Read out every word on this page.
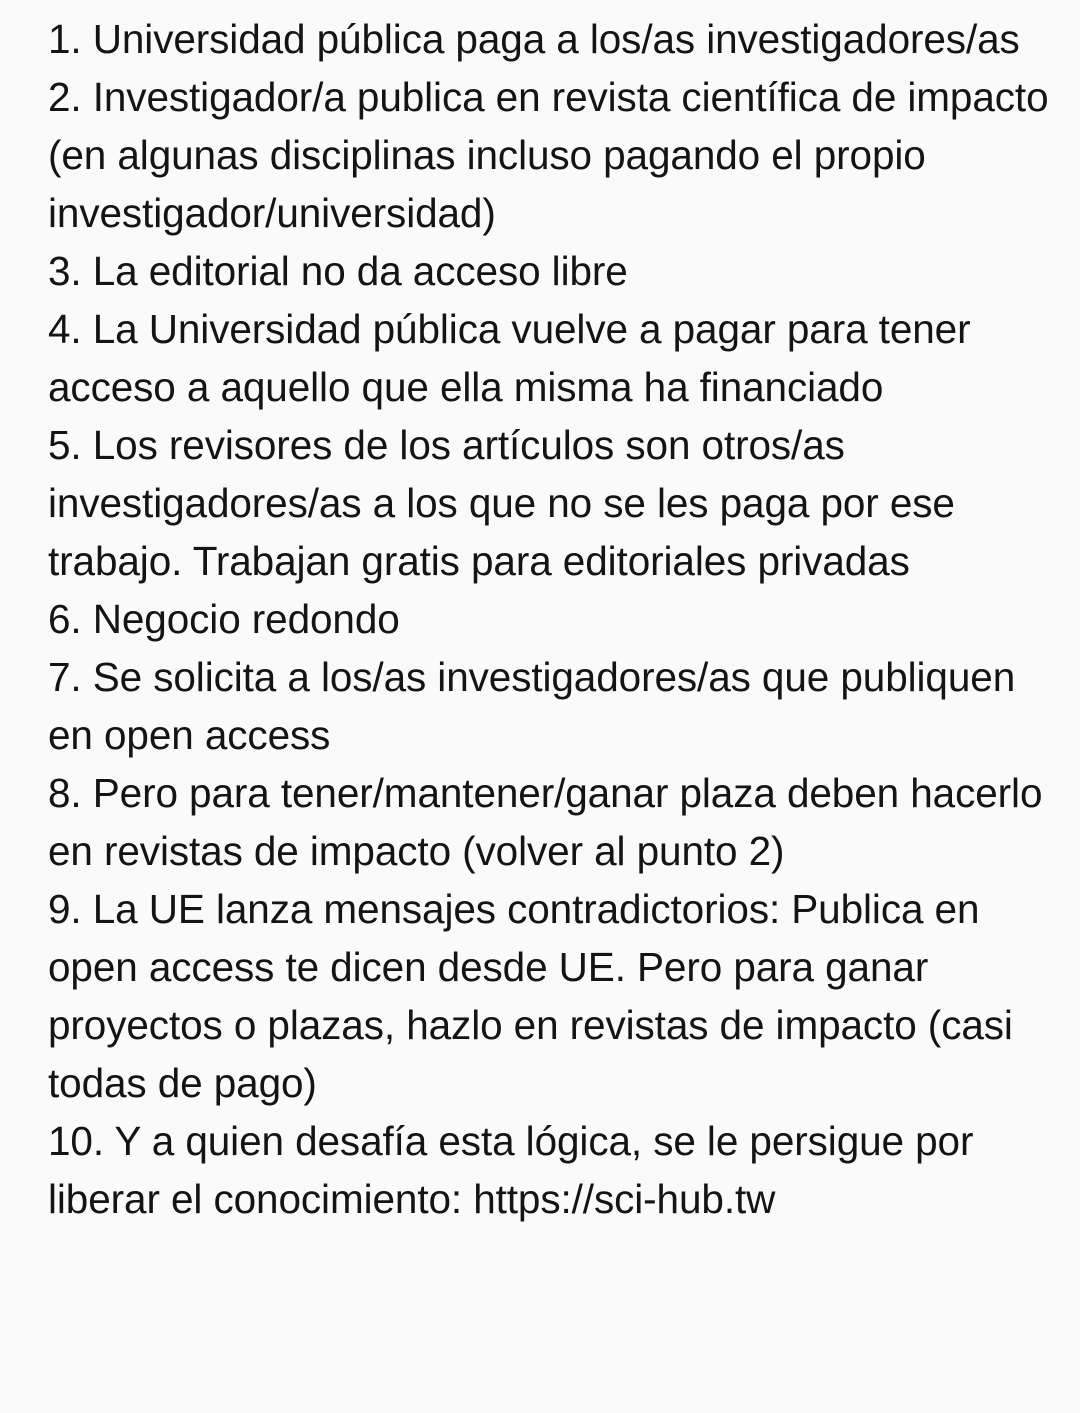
1. Universidad pública paga a los/as investigadores/as

2. Investigador/a publica en revista científica de impacto (en algunas disciplinas incluso pagando el propio investigador/universidad)

3. La editorial no da acceso libre

4. La Universidad pública vuelve a pagar para tener acceso a aquello que ella misma ha financiado

5. Los revisores de los artículos son otros/as investigadores/as a los que no se les paga por ese trabajo. Trabajan gratis para editoriales privadas

6. Negocio redondo

7. Se solicita a los/as investigadores/as que publiquen en open access

8. Pero para tener/mantener/ganar plaza deben hacerlo en revistas de impacto (volver al punto 2)

9. La UE lanza mensajes contradictorios: Publica en open access te dicen desde UE. Pero para ganar proyectos o plazas, hazlo en revistas de impacto (casi todas de pago)

10. Y a quien desafía esta lógica, se le persigue por liberar el conocimiento: https://sci-hub.tw
